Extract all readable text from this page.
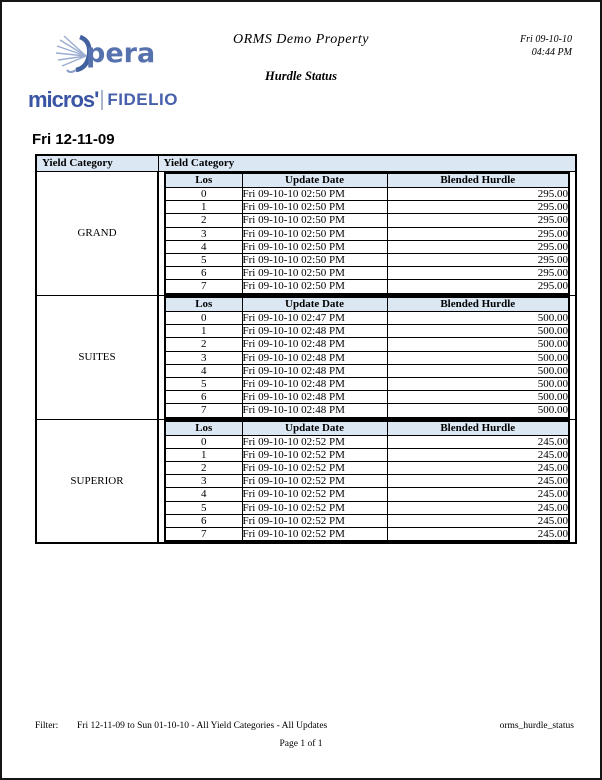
pera
micros' FIDELIO
ORMS Demo Property
Hurdle Status
Fri 09-10-10
04:44 PM
Fri 12-11-09
Yield Category	Yield Category
GRAND	
Los	Update Date	Blended Hurdle
0	Fri 09-10-10 02:50 PM	295.00
1	Fri 09-10-10 02:50 PM	295.00
2	Fri 09-10-10 02:50 PM	295.00
3	Fri 09-10-10 02:50 PM	295.00
4	Fri 09-10-10 02:50 PM	295.00
5	Fri 09-10-10 02:50 PM	295.00
6	Fri 09-10-10 02:50 PM	295.00
7	Fri 09-10-10 02:50 PM	295.00

SUITES	
Los	Update Date	Blended Hurdle
0	Fri 09-10-10 02:47 PM	500.00
1	Fri 09-10-10 02:48 PM	500.00
2	Fri 09-10-10 02:48 PM	500.00
3	Fri 09-10-10 02:48 PM	500.00
4	Fri 09-10-10 02:48 PM	500.00
5	Fri 09-10-10 02:48 PM	500.00
6	Fri 09-10-10 02:48 PM	500.00
7	Fri 09-10-10 02:48 PM	500.00

SUPERIOR	
Los	Update Date	Blended Hurdle
0	Fri 09-10-10 02:52 PM	245.00
1	Fri 09-10-10 02:52 PM	245.00
2	Fri 09-10-10 02:52 PM	245.00
3	Fri 09-10-10 02:52 PM	245.00
4	Fri 09-10-10 02:52 PM	245.00
5	Fri 09-10-10 02:52 PM	245.00
6	Fri 09-10-10 02:52 PM	245.00
7	Fri 09-10-10 02:52 PM	245.00
Filter:	Fri 12-11-09 to Sun 01-10-10 - All Yield Categories - All Updates	orms_hurdle_status
Page 1 of 1
